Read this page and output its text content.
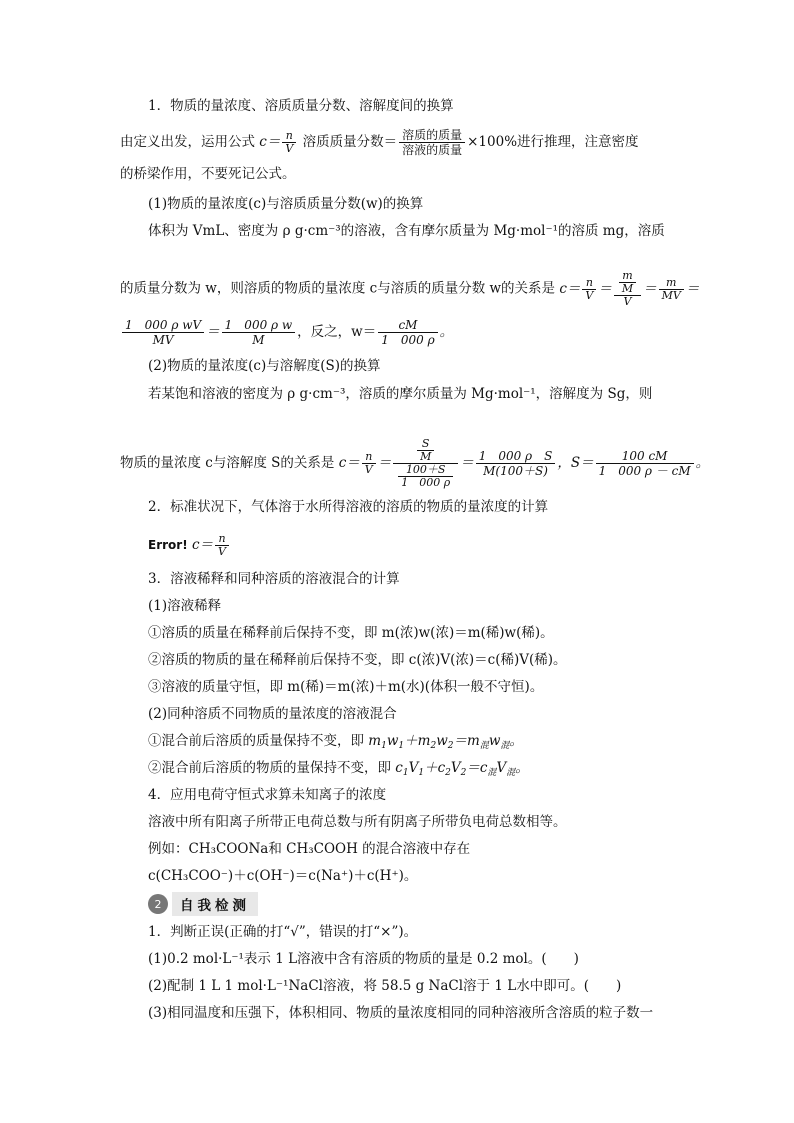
1．物质的量浓度、溶质质量分数、溶解度间的换算
由定义出发，运用公式 $c= \frac{n}{V}$ 溶质质量分数＝ $\frac{\text{溶质的质量}}{\text{溶液的质量}} \times 100\%$进行推理，注意密度
的桥梁作用，不要死记公式。
(1)物质的量浓度(c)与溶质质量分数(w)的换算
体积为 VmL、密度为 ρ g·cm⁻³的溶液，含有摩尔质量为 Mg·mol⁻¹的溶质 mg，溶质
的质量分数为 w，则溶质的物质的量浓度 c与溶质的质量分数 w的关系是 $c= \frac{n}{V} = \frac{\frac{m}{M}}{V} = \frac{m}{MV}$ ＝
$\frac{\text{1　000 ρ wV}}{MV} = \frac{\text{1　000 ρ w}}{M}$ ，反之，$w= \frac{cM}{1 000 \rho}$ 。
(2)物质的量浓度(c)与溶解度(S)的换算
若某饱和溶液的密度为 ρ g·cm⁻³，溶质的摩尔质量为 Mg·mol⁻¹，溶解度为 Sg，则
物质的量浓度 c与溶解度 S的关系是 $c= \frac{n}{V} = \frac{\frac{S}{M}}{\frac{100+S}{1 000 \rho}} = \frac{\text{1　000 ρ　S}}{M(100+S)}$ ，$S= \frac{100 cM}{1 000 \rho - cM}$ 。
2．标准状况下，气体溶于水所得溶液的溶质的物质的量浓度的计算
Error! $c= \frac{n}{V}$
3．溶液稀释和同种溶质的溶液混合的计算
(1)溶液稀释
①溶质的质量在稀释前后保持不变，即 m(浓)w(浓)＝m(稀)w(稀)。
②溶质的物质的量在稀释前后保持不变，即 c(浓)V(浓)＝c(稀)V(稀)。
③溶液的质量守恒，即 m(稀)＝m(浓)＋m(水)(体积一般不守恒)。
(2)同种溶质不同物质的量浓度的溶液混合
①混合前后溶质的质量保持不变，即 $m_1w_1+m_2w_2=m_混w_混$。
②混合前后溶质的物质的量保持不变，即 $c_1V_1+c_2V_2=c_混V_混$。
4．应用电荷守恒式求算未知离子的浓度
溶液中所有阳离子所带正电荷总数与所有阴离子所带负电荷总数相等。
例如：CH₃COONa和 CH₃COOH 的混合溶液中存在
c(CH₃COO⁻)＋c(OH⁻)＝c(Na⁺)＋c(H⁺)。
2	自我检测
1．判断正误(正确的打“√”，错误的打“×”)。
(1)0.2 mol·L⁻¹表示 1 L溶液中含有溶质的物质的量是 0.2 mol。(　　)
(2)配制 1 L 1 mol·L⁻¹NaCl溶液，将 58.5 g NaCl溶于 1 L水中即可。(　　)
(3)相同温度和压强下，体积相同、物质的量浓度相同的同种溶液所含溶质的粒子数一
